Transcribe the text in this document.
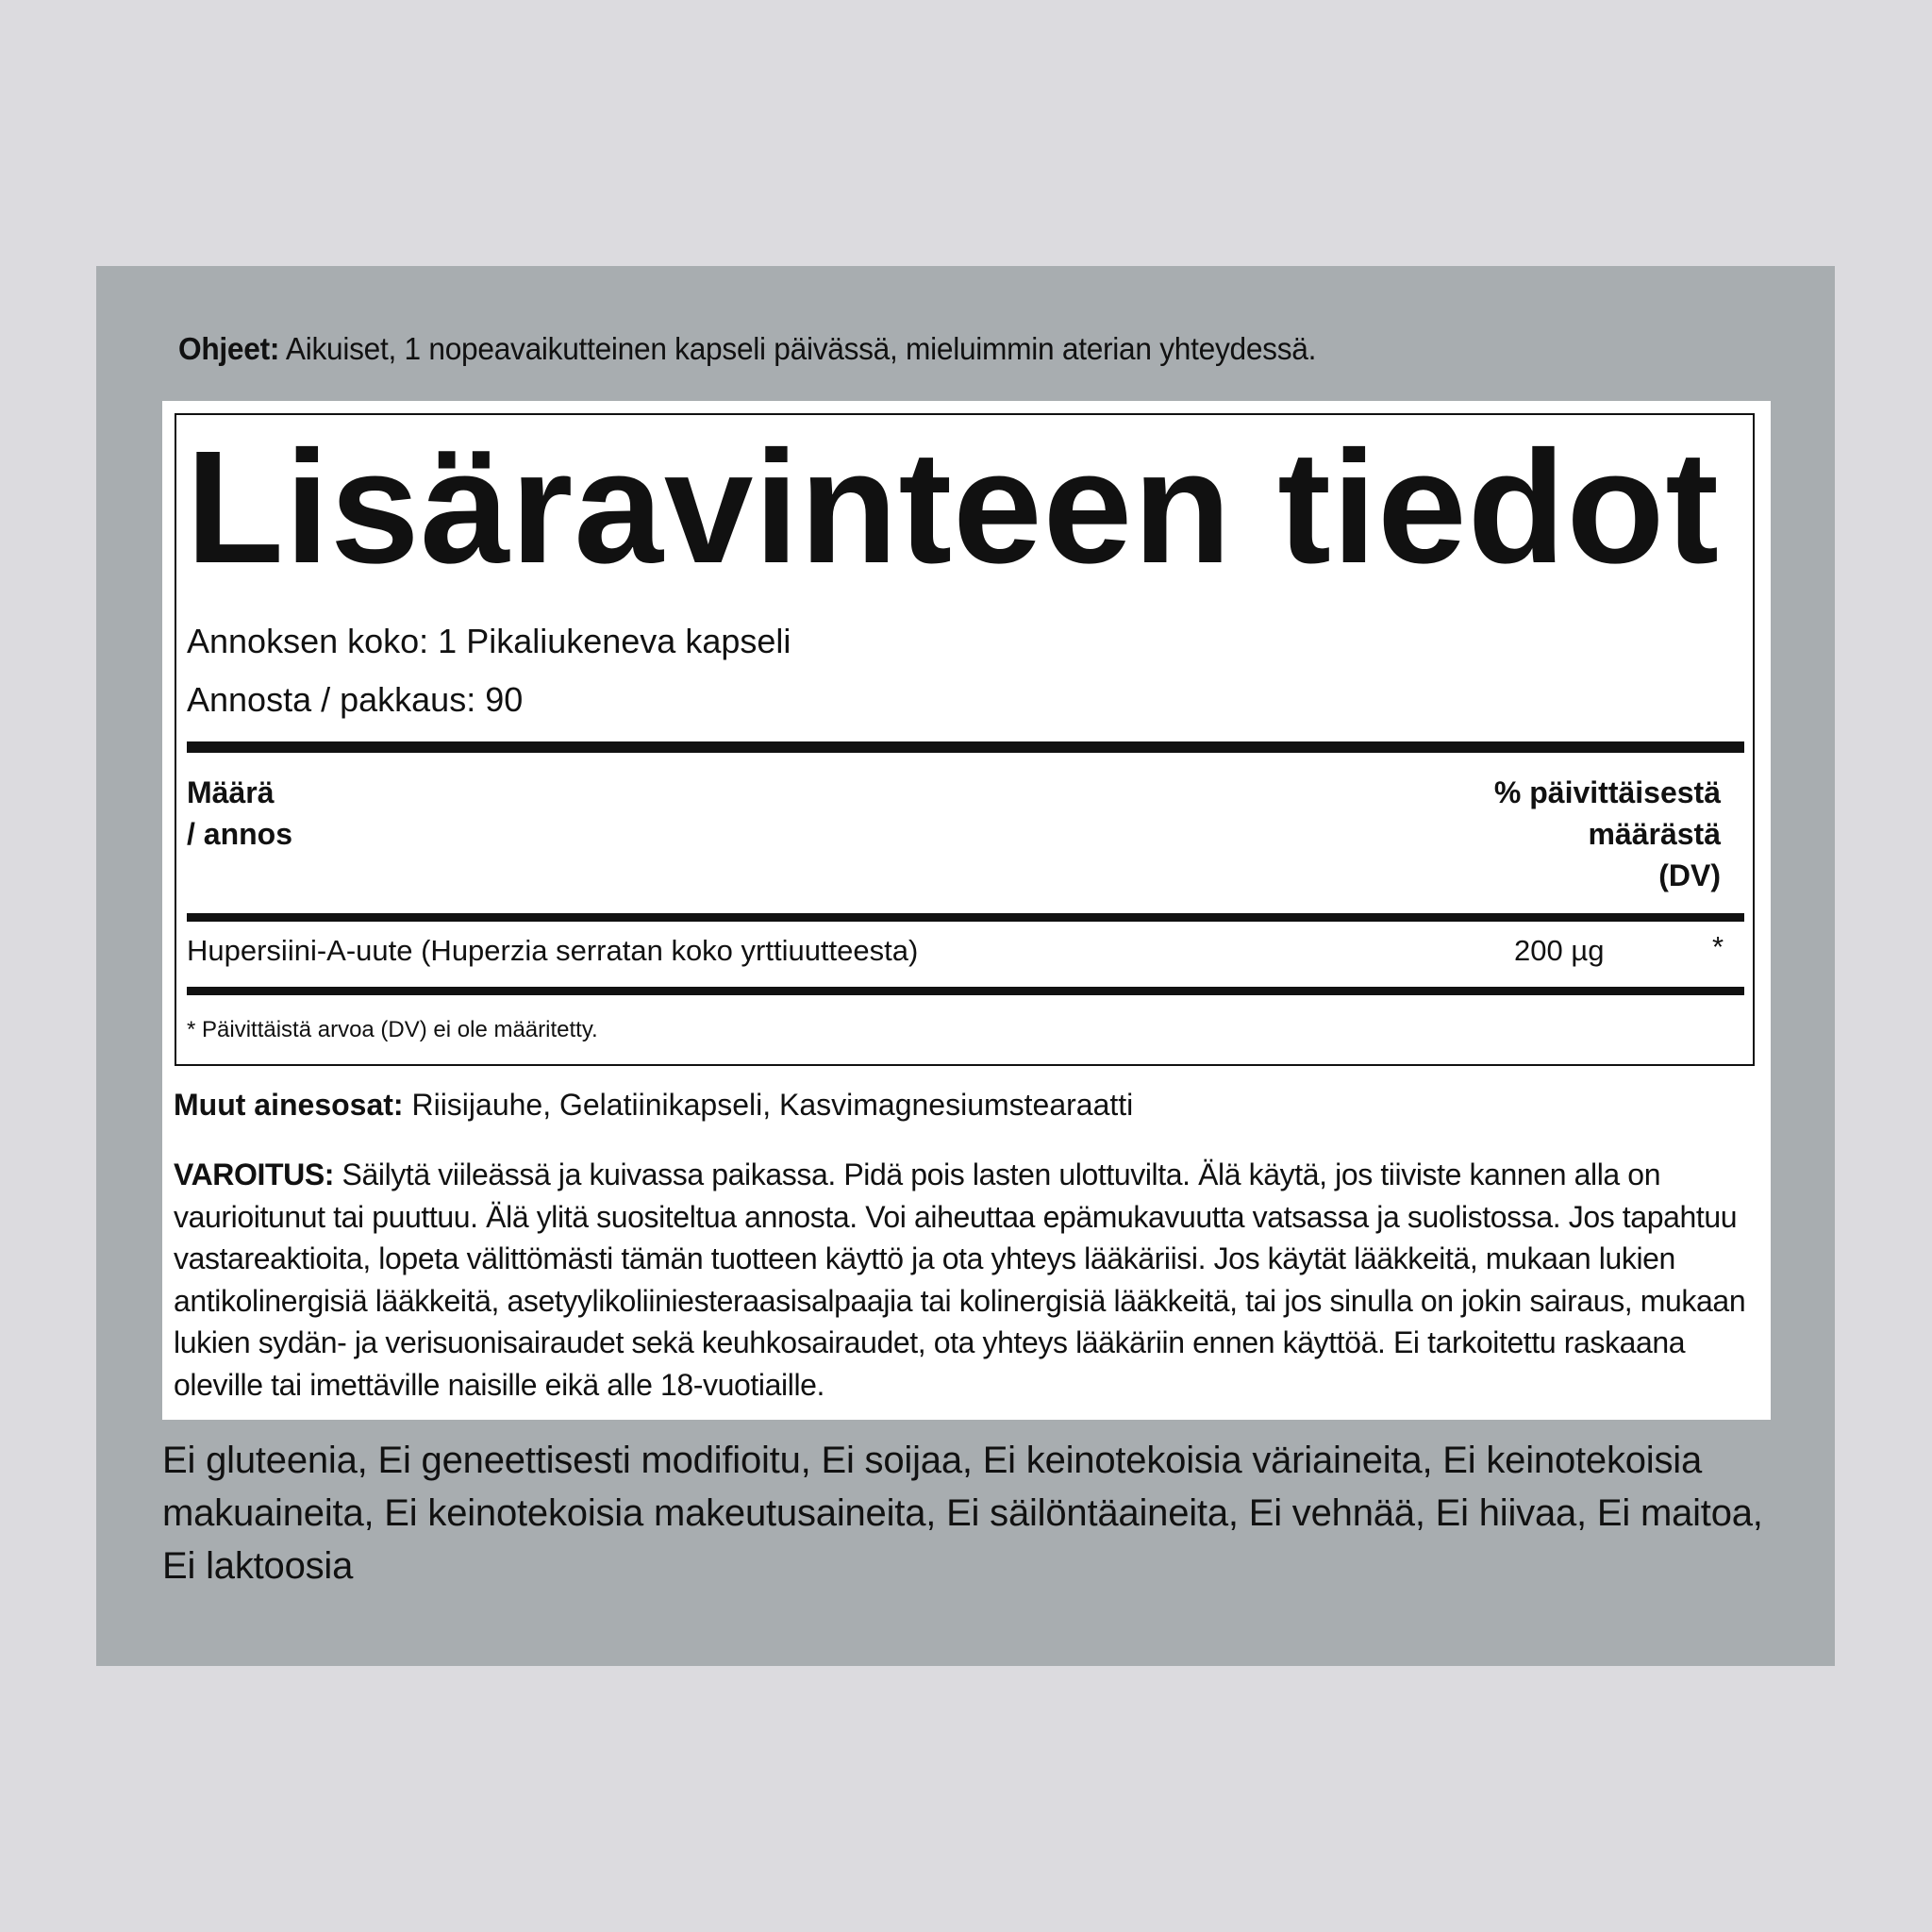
Ohjeet: Aikuiset, 1 nopeavaikutteinen kapseli päivässä, mieluimmin aterian yhteydessä.
Lisäravinteen tiedot
Annoksen koko: 1 Pikaliukeneva kapseli
Annosta / pakkaus: 90
Määrä
/ annos
% päivittäisestä
määrästä
(DV)
Hupersiini-A-uute (Huperzia serratan koko yrttiuutteesta)	200 µg	*
* Päivittäistä arvoa (DV) ei ole määritetty.
Muut ainesosat: Riisijauhe, Gelatiinikapseli, Kasvimagnesiumstearaatti
VAROITUS: Säilytä viileässä ja kuivassa paikassa. Pidä pois lasten ulottuvilta. Älä käytä, jos tiiviste kannen alla on vaurioitunut tai puuttuu. Älä ylitä suositeltua annosta. Voi aiheuttaa epämukavuutta vatsassa ja suolistossa. Jos tapahtuu vastareaktioita, lopeta välittömästi tämän tuotteen käyttö ja ota yhteys lääkäriisi. Jos käytät lääkkeitä, mukaan lukien antikolinergisiä lääkkeitä, asetyylikoliiniesteraasisalpaajia tai kolinergisiä lääkkeitä, tai jos sinulla on jokin sairaus, mukaan lukien sydän- ja verisuonisairaudet sekä keuhkosairaudet, ota yhteys lääkäriin ennen käyttöä. Ei tarkoitettu raskaana oleville tai imettäville naisille eikä alle 18-vuotiaille.
Ei gluteenia, Ei geneettisesti modifioitu, Ei soijaa, Ei keinotekoisia väriaineita, Ei keinotekoisia makuaineita, Ei keinotekoisia makeutusaineita, Ei säilöntäaineita, Ei vehnää, Ei hiivaa, Ei maitoa, Ei laktoosia
